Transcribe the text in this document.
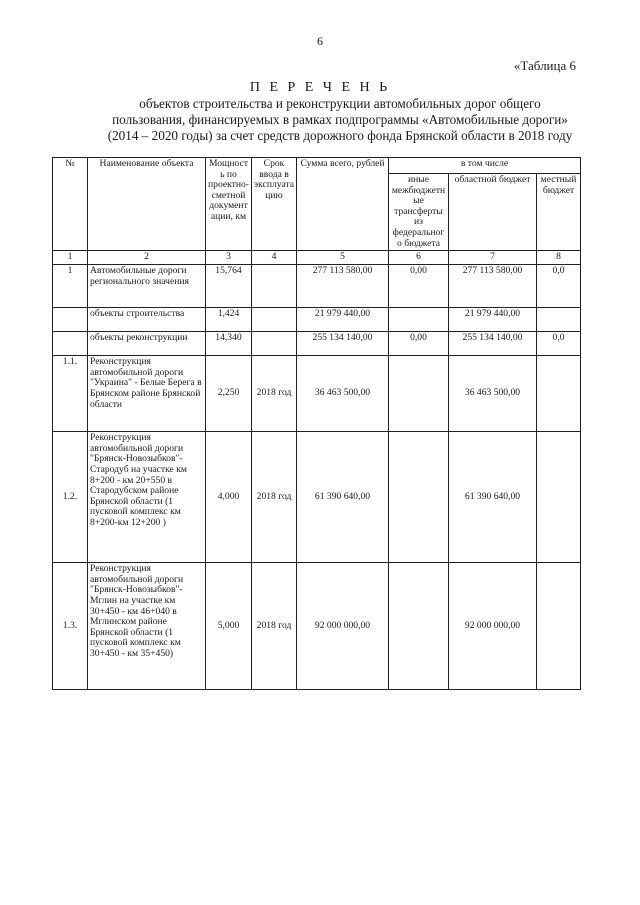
6
«Таблица 6
П Е Р Е Ч Е Н Ь
объектов строительства и реконструкции автомобильных дорог общего
пользования, финансируемых в рамках подпрограммы «Автомобильные дороги»
(2014 – 2020 годы) за счет средств дорожного фонда Брянской области в 2018 году
№	Наименование объекта	Мощность по проектно-сметной документации, км	Срок ввода в эксплуатацию	Сумма всего, рублей	в том числе		
					иные межбюджетные трансферты из федерального бюджета	областной бюджет	местный бюджет
1	2	3	4	5	6	7	8
1	Автомобильные дороги регионального значения	15,764		277 113 580,00	0,00	277 113 580,00	0,0
	объекты строительства	1,424		21 979 440,00		21 979 440,00	
	объекты реконструкции	14,340		255 134 140,00	0,00	255 134 140,00	0,0
1.1.	Реконструкция автомобильной дороги "Украина" - Белые Берега в Брянском районе Брянской области	2,250	2018 год	36 463 500,00		36 463 500,00	
1.2.	Реконструкция автомобильной дороги "Брянск-Новозыбков"-Стародуб на участке км 8+200 - км 20+550 в Стародубском районе Брянской области (1 пусковой комплекс км 8+200-км 12+200 )	4,000	2018 год	61 390 640,00		61 390 640,00	
1.3.	Реконструкция автомобильной дороги "Брянск-Новозыбков"-Мглин на участке км 30+450 - км 46+040 в Мглинском районе Брянской области (1 пусковой комплекс км 30+450 - км 35+450)	5,000	2018 год	92 000 000,00		92 000 000,00	
